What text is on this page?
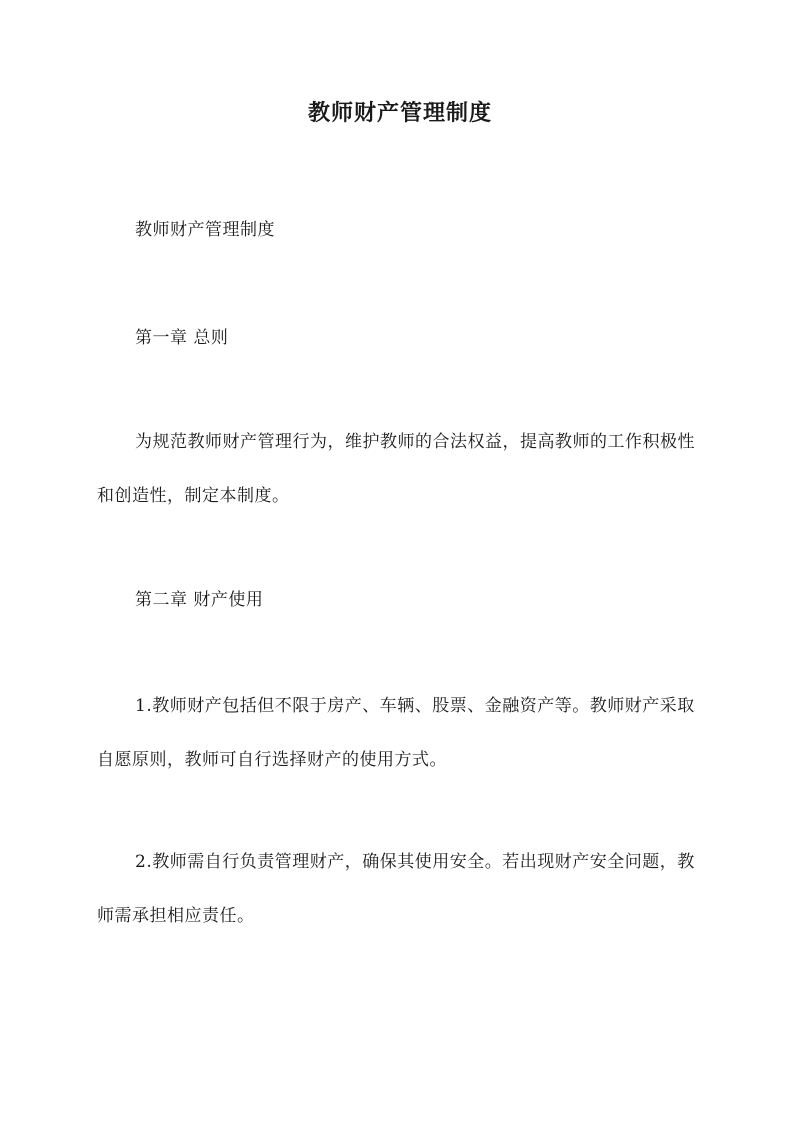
教师财产管理制度

教师财产管理制度

第一章 总则

为规范教师财产管理行为，维护教师的合法权益，提高教师的工作积极性和创造性，制定本制度。

第二章 财产使用

1.教师财产包括但不限于房产、车辆、股票、金融资产等。教师财产采取自愿原则，教师可自行选择财产的使用方式。

2.教师需自行负责管理财产，确保其使用安全。若出现财产安全问题，教师需承担相应责任。
